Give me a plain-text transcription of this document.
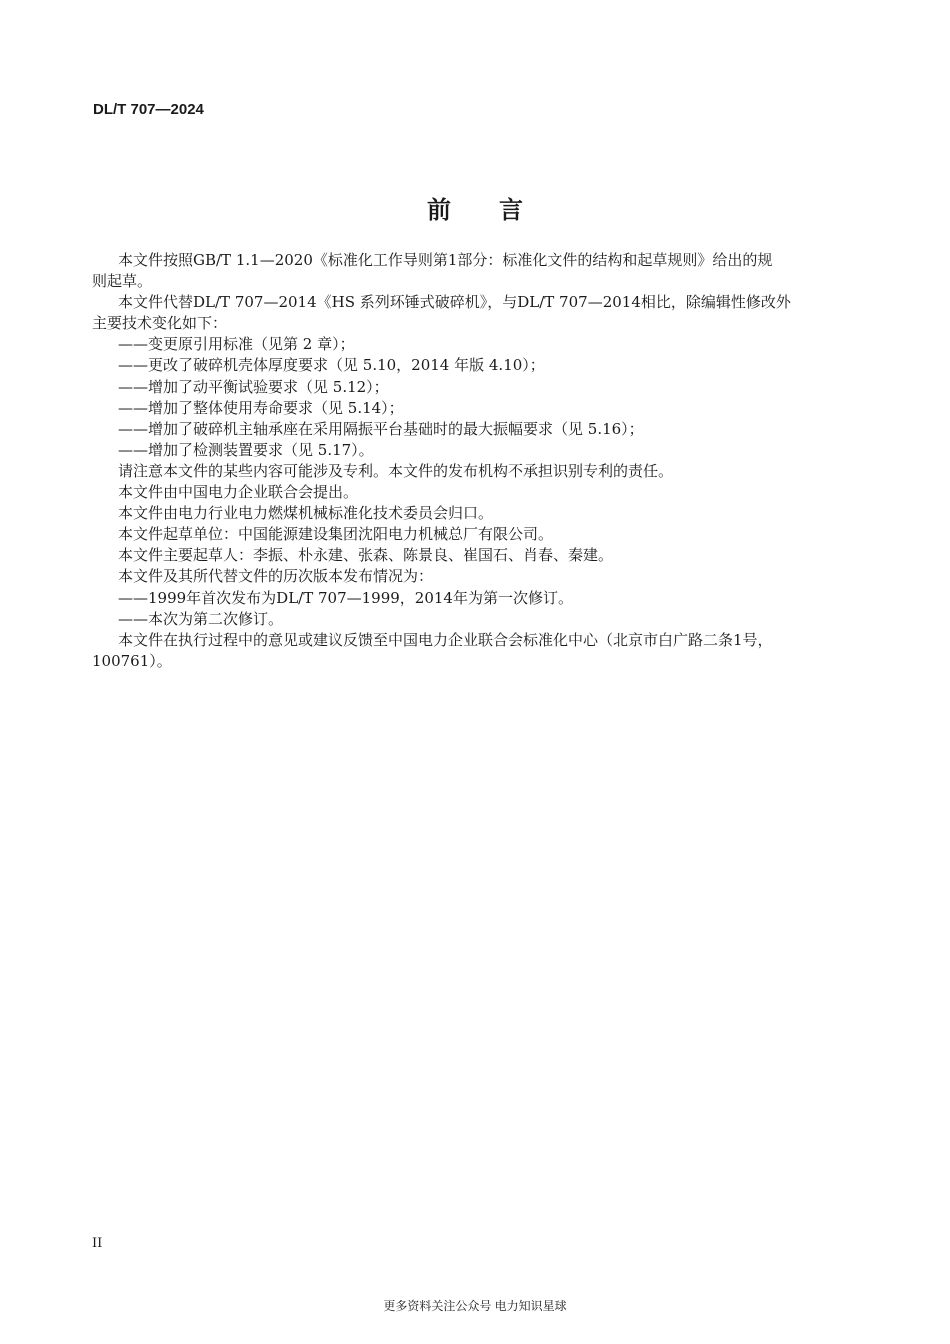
DL/T 707—2024
前言
本文件按照GB/T 1.1—2020《标准化工作导则第1部分：标准化文件的结构和起草规则》给出的规
则起草。
本文件代替DL/T 707—2014《HS 系列环锤式破碎机》，与DL/T 707—2014相比，除编辑性修改外
主要技术变化如下：
——变更原引用标准（见第 2 章）；
——更改了破碎机壳体厚度要求（见 5.10，2014 年版 4.10）；
——增加了动平衡试验要求（见 5.12）；
——增加了整体使用寿命要求（见 5.14）；
——增加了破碎机主轴承座在采用隔振平台基础时的最大振幅要求（见 5.16）；
——增加了检测装置要求（见 5.17）。
请注意本文件的某些内容可能涉及专利。本文件的发布机构不承担识别专利的责任。
本文件由中国电力企业联合会提出。
本文件由电力行业电力燃煤机械标准化技术委员会归口。
本文件起草单位：中国能源建设集团沈阳电力机械总厂有限公司。
本文件主要起草人：李振、朴永建、张森、陈景良、崔国石、肖春、秦建。
本文件及其所代替文件的历次版本发布情况为：
——1999年首次发布为DL/T 707—1999，2014年为第一次修订。
——本次为第二次修订。
本文件在执行过程中的意见或建议反馈至中国电力企业联合会标准化中心（北京市白广路二条1号，
100761）。
II
更多资料关注公众号 电力知识星球
